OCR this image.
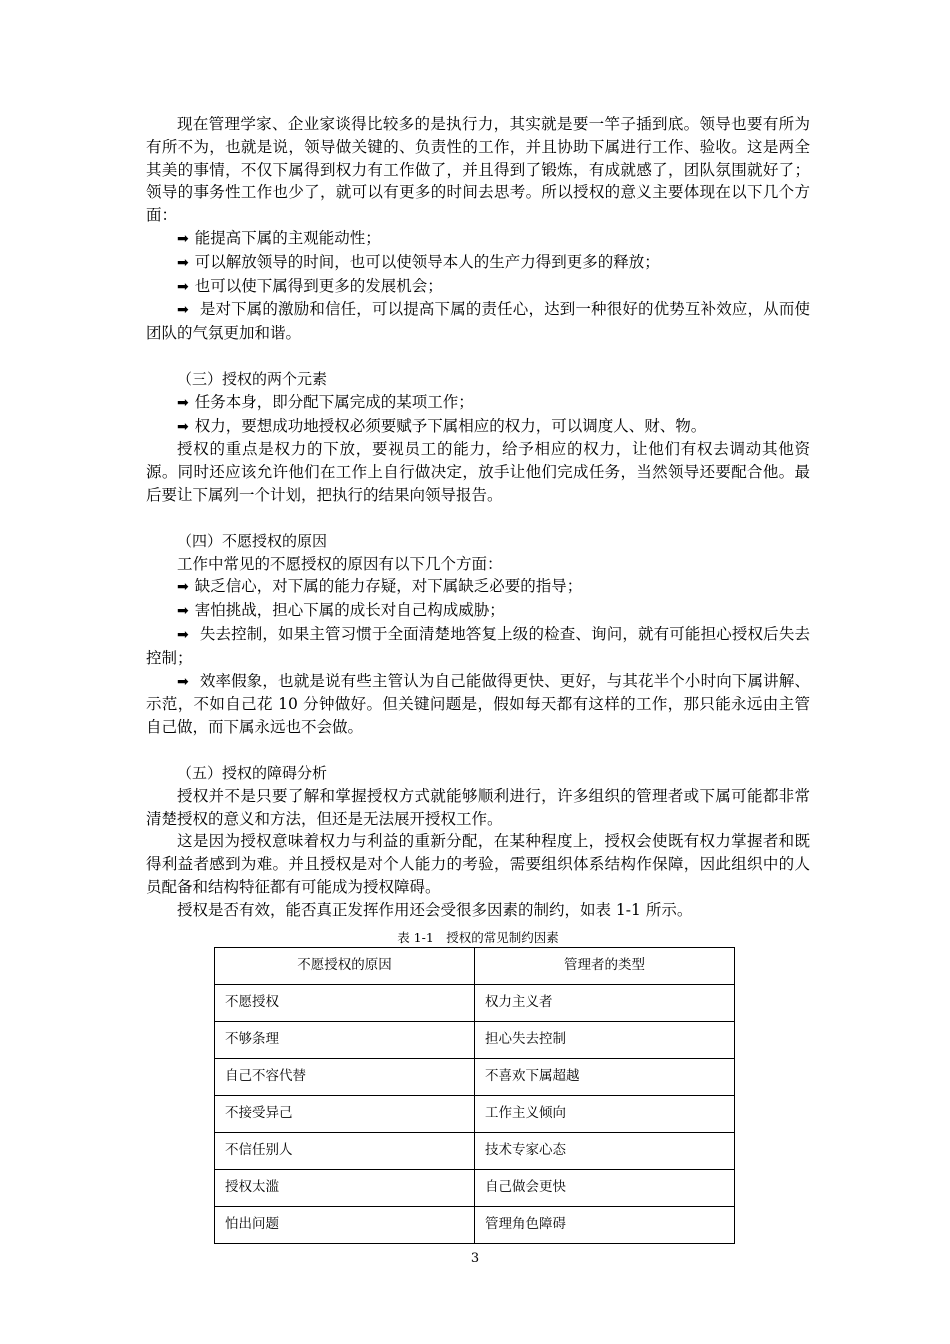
现在管理学家、企业家谈得比较多的是执行力，其实就是要一竿子插到底。领导也要有所为有所不为，也就是说，领导做关键的、负责性的工作，并且协助下属进行工作、验收。这是两全其美的事情，不仅下属得到权力有工作做了，并且得到了锻炼，有成就感了，团队氛围就好了；领导的事务性工作也少了，就可以有更多的时间去思考。所以授权的意义主要体现在以下几个方面：

➡ 能提高下属的主观能动性；

➡ 可以解放领导的时间，也可以使领导本人的生产力得到更多的释放；

➡ 也可以使下属得到更多的发展机会；

➡ 是对下属的激励和信任，可以提高下属的责任心，达到一种很好的优势互补效应，从而使团队的气氛更加和谐。

（三）授权的两个元素

➡ 任务本身，即分配下属完成的某项工作；

➡ 权力，要想成功地授权必须要赋予下属相应的权力，可以调度人、财、物。

授权的重点是权力的下放，要视员工的能力，给予相应的权力，让他们有权去调动其他资源。同时还应该允许他们在工作上自行做决定，放手让他们完成任务，当然领导还要配合他。最后要让下属列一个计划，把执行的结果向领导报告。

（四）不愿授权的原因

工作中常见的不愿授权的原因有以下几个方面：

➡ 缺乏信心，对下属的能力存疑，对下属缺乏必要的指导；

➡ 害怕挑战，担心下属的成长对自己构成威胁；

➡ 失去控制，如果主管习惯于全面清楚地答复上级的检查、询问，就有可能担心授权后失去控制；

➡ 效率假象，也就是说有些主管认为自己能做得更快、更好，与其花半个小时向下属讲解、示范，不如自己花 10 分钟做好。但关键问题是，假如每天都有这样的工作，那只能永远由主管自己做，而下属永远也不会做。

（五）授权的障碍分析

授权并不是只要了解和掌握授权方式就能够顺利进行，许多组织的管理者或下属可能都非常清楚授权的意义和方法，但还是无法展开授权工作。

这是因为授权意味着权力与利益的重新分配，在某种程度上，授权会使既有权力掌握者和既得利益者感到为难。并且授权是对个人能力的考验，需要组织体系结构作保障，因此组织中的人员配备和结构特征都有可能成为授权障碍。

授权是否有效，能否真正发挥作用还会受很多因素的制约，如表 1-1 所示。

表 1-1　授权的常见制约因素

不愿授权的原因	管理者的类型
不愿授权	权力主义者
不够条理	担心失去控制
自己不容代替	不喜欢下属超越
不接受异己	工作主义倾向
不信任别人	技术专家心态
授权太滥	自己做会更快
怕出问题	管理角色障碍
3
